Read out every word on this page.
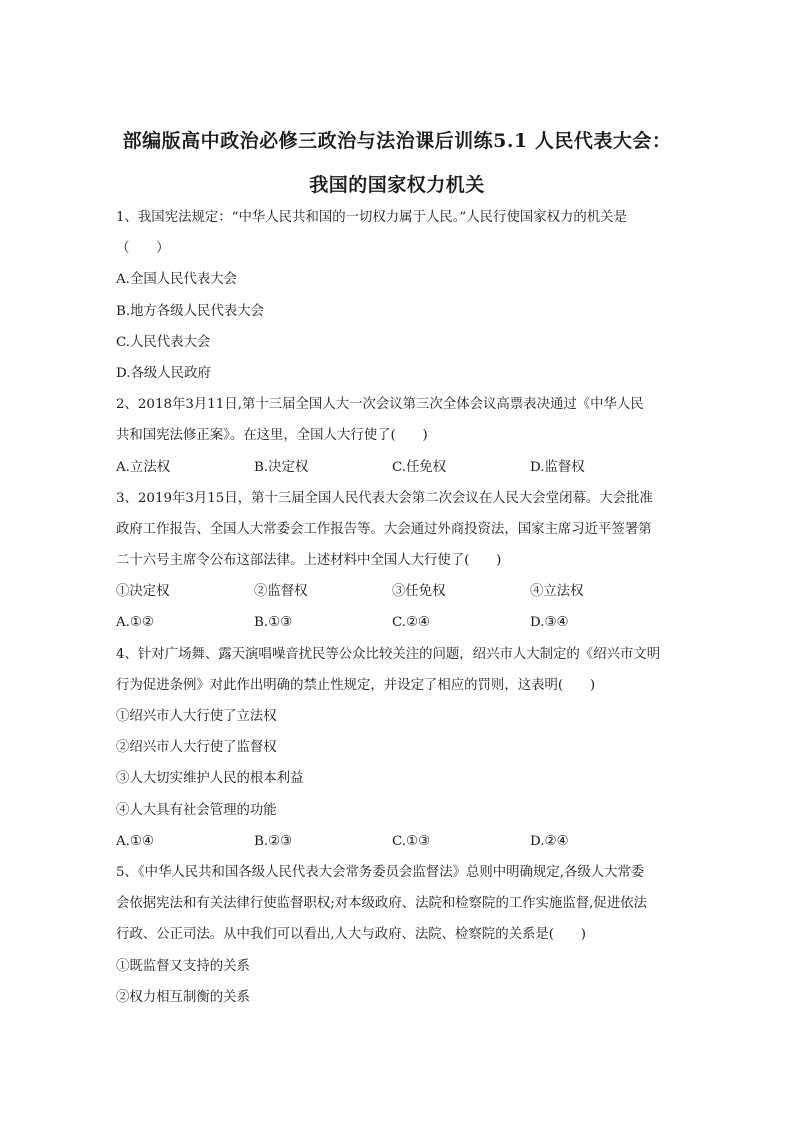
部编版高中政治必修三政治与法治课后训练5.1 人民代表大会：
我国的国家权力机关
1、我国宪法规定：“中华人民共和国的一切权力属于人民。”人民行使国家权力的机关是
（　　）
A.全国人民代表大会
B.地方各级人民代表大会
C.人民代表大会
D.各级人民政府
2、2018年3月11日,第十三届全国人大一次会议第三次全体会议高票表决通过《中华人民
共和国宪法修正案》。在这里，全国人大行使了(　　)
A.立法权	B.决定权	C.任免权	D.监督权
3、2019年3月15日，第十三届全国人民代表大会第二次会议在人民大会堂闭幕。大会批准
政府工作报告、全国人大常委会工作报告等。大会通过外商投资法，国家主席习近平签署第
二十六号主席令公布这部法律。上述材料中全国人大行使了(　　)
①决定权	②监督权	③任免权	④立法权
A.①②	B.①③	C.②④	D.③④
4、针对广场舞、露天演唱噪音扰民等公众比较关注的问题，绍兴市人大制定的《绍兴市文明
行为促进条例》对此作出明确的禁止性规定，并设定了相应的罚则，这表明(　　)
①绍兴市人大行使了立法权
②绍兴市人大行使了监督权
③人大切实维护人民的根本利益
④人大具有社会管理的功能
A.①④	B.②③	C.①③	D.②④
5、《中华人民共和国各级人民代表大会常务委员会监督法》总则中明确规定,各级人大常委
会依据宪法和有关法律行使监督职权;对本级政府、法院和检察院的工作实施监督,促进依法
行政、公正司法。从中我们可以看出,人大与政府、法院、检察院的关系是(　　)
①既监督又支持的关系
②权力相互制衡的关系
